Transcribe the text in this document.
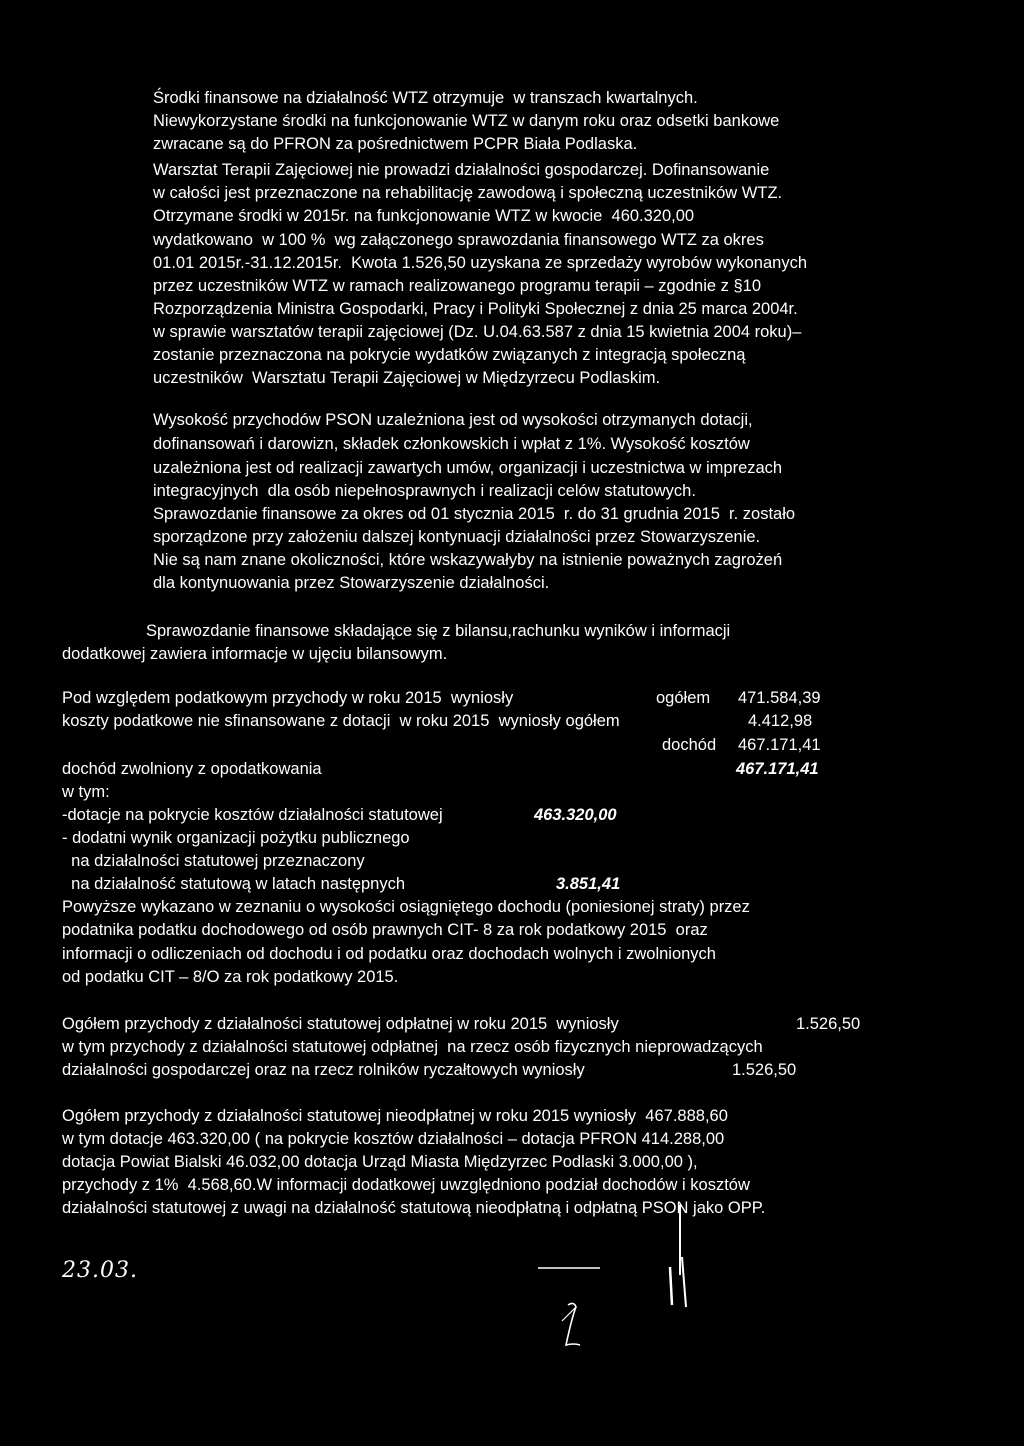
Środki finansowe na działalność WTZ otrzymuje  w transzach kwartalnych.
Niewykorzystane środki na funkcjonowanie WTZ w danym roku oraz odsetki bankowe
zwracane są do PFRON za pośrednictwem PCPR Biała Podlaska.
Warsztat Terapii Zajęciowej nie prowadzi działalności gospodarczej. Dofinansowanie
w całości jest przeznaczone na rehabilitację zawodową i społeczną uczestników WTZ.
Otrzymane środki w 2015r. na funkcjonowanie WTZ w kwocie  460.320,00
wydatkowano  w 100 %  wg załączonego sprawozdania finansowego WTZ za okres
01.01 2015r.-31.12.2015r.  Kwota 1.526,50 uzyskana ze sprzedaży wyrobów wykonanych
przez uczestników WTZ w ramach realizowanego programu terapii – zgodnie z §10
Rozporządzenia Ministra Gospodarki, Pracy i Polityki Społecznej z dnia 25 marca 2004r.
w sprawie warsztatów terapii zajęciowej (Dz. U.04.63.587 z dnia 15 kwietnia 2004 roku)–
zostanie przeznaczona na pokrycie wydatków związanych z integracją społeczną
uczestników  Warsztatu Terapii Zajęciowej w Międzyrzecu Podlaskim.
Wysokość przychodów PSON uzależniona jest od wysokości otrzymanych dotacji,
dofinansowań i darowizn, składek członkowskich i wpłat z 1%. Wysokość kosztów
uzależniona jest od realizacji zawartych umów, organizacji i uczestnictwa w imprezach
integracyjnych  dla osób niepełnosprawnych i realizacji celów statutowych.
Sprawozdanie finansowe za okres od 01 stycznia 2015  r. do 31 grudnia 2015  r. zostało
sporządzone przy założeniu dalszej kontynuacji działalności przez Stowarzyszenie.
Nie są nam znane okoliczności, które wskazywałyby na istnienie poważnych zagrożeń
dla kontynuowania przez Stowarzyszenie działalności.
Sprawozdanie finansowe składające się z bilansu,rachunku wyników i informacji
dodatkowej zawiera informacje w ujęciu bilansowym.
Pod względem podatkowym przychody w roku 2015  wyniosły	ogółem 471.584,39
koszty podatkowe nie sfinansowane z dotacji  w roku 2015  wyniosły ogółem	4.412,98
dochód 467.171,41
dochód zwolniony z opodatkowania	467.171,41
w tym:
-dotacje na pokrycie kosztów działalności statutowej	463.320,00
- dodatni wynik organizacji pożytku publicznego
na działalności statutowej przeznaczony
na działalność statutową w latach następnych	3.851,41
Powyższe wykazano w zeznaniu o wysokości osiągniętego dochodu (poniesionej straty) przez
podatnika podatku dochodowego od osób prawnych CIT- 8 za rok podatkowy 2015  oraz
informacji o odliczeniach od dochodu i od podatku oraz dochodach wolnych i zwolnionych
od podatku CIT – 8/O za rok podatkowy 2015.
Ogółem przychody z działalności statutowej odpłatnej w roku 2015  wyniosły	1.526,50
w tym przychody z działalności statutowej odpłatnej  na rzecz osób fizycznych nieprowadzących
działalności gospodarczej oraz na rzecz rolników ryczałtowych wyniosły	1.526,50
Ogółem przychody z działalności statutowej nieodpłatnej w roku 2015 wyniosły  467.888,60
w tym dotacje 463.320,00 ( na pokrycie kosztów działalności – dotacja PFRON 414.288,00
dotacja Powiat Bialski 46.032,00 dotacja Urząd Miasta Międzyrzec Podlaski 3.000,00 ),
przychody z 1%  4.568,60.W informacji dodatkowej uwzględniono podział dochodów i kosztów
działalności statutowej z uwagi na działalność statutową nieodpłatną i odpłatną PSON jako OPP.
23.03.
